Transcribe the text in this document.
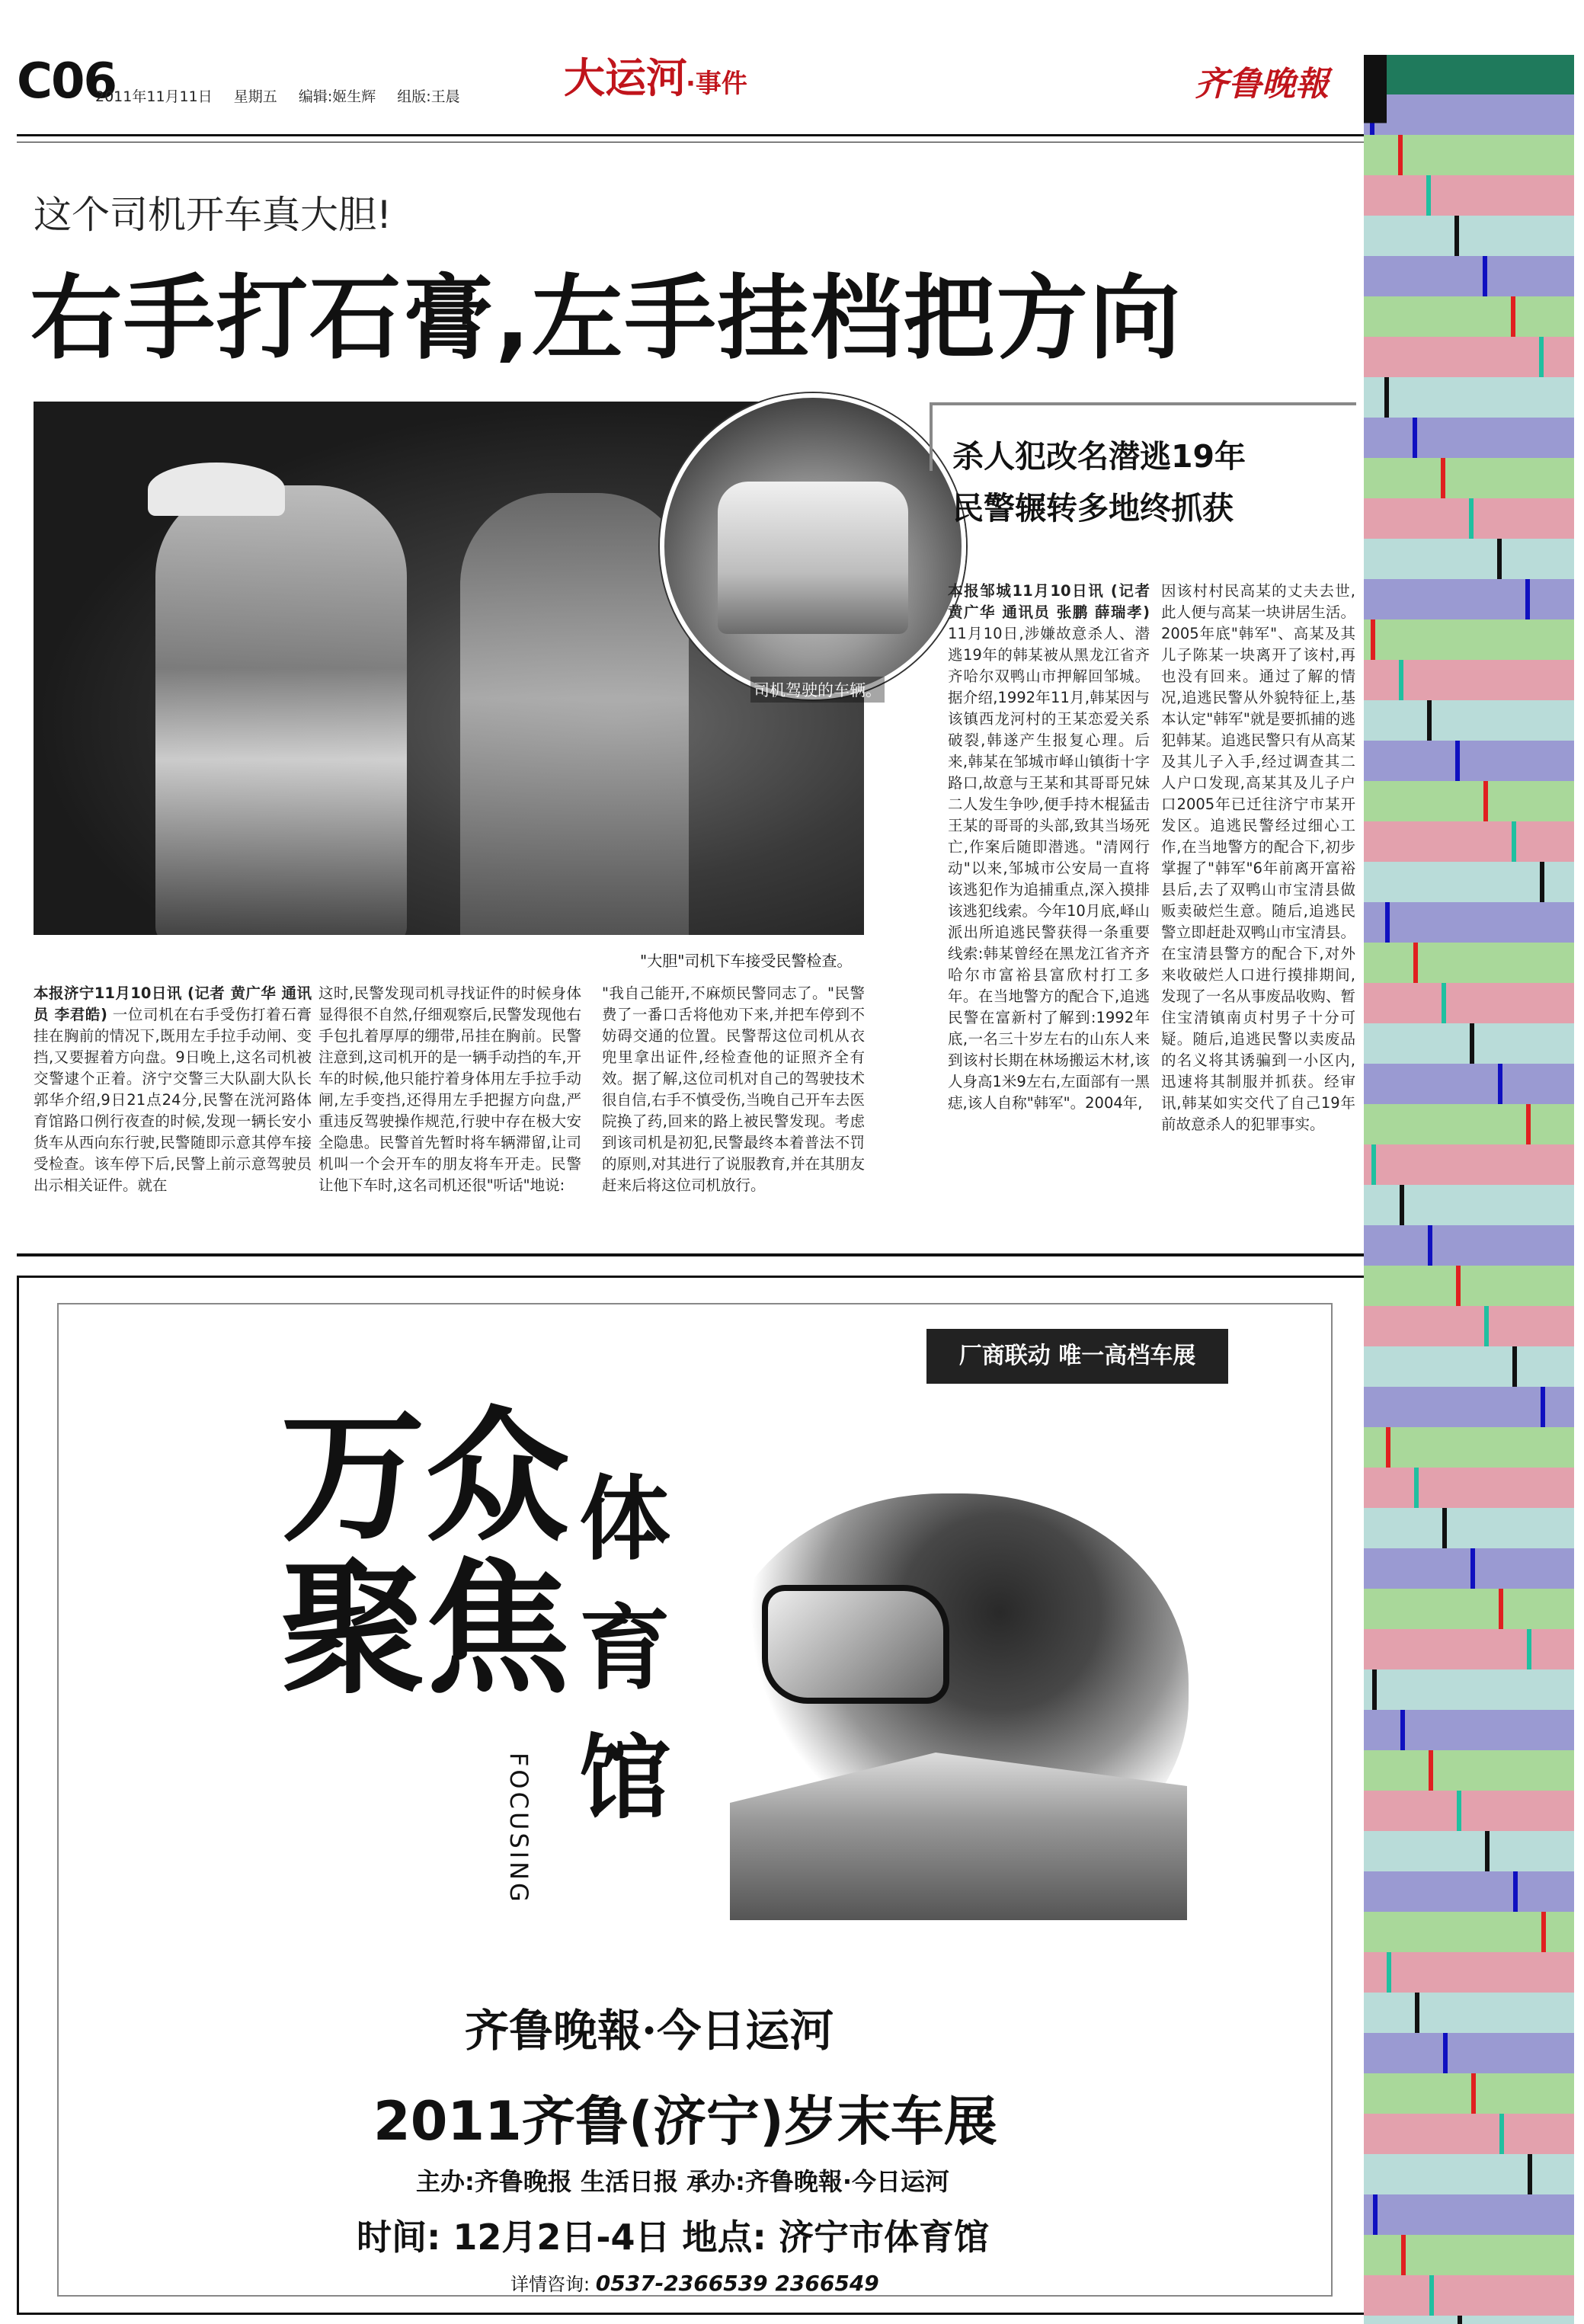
C06
2011年11月11日 星期五 编辑:姬生辉 组版:王晨	大运河
·事件	齐鲁晚報
这个司机开车真大胆!
右手打石膏,左手挂档把方向
司机驾驶的车辆。
"大胆"司机下车接受民警检查。
本报济宁11月10日讯 (记者 黄广华 通讯员 李君皓) 一位司机在右手受伤打着石膏挂在胸前的情况下,既用左手拉手动闸、变挡,又要握着方向盘。9日晚上,这名司机被交警逮个正着。济宁交警三大队副大队长郭华介绍,9日21点24分,民警在洸河路体育馆路口例行夜查的时候,发现一辆长安小货车从西向东行驶,民警随即示意其停车接受检查。该车停下后,民警上前示意驾驶员出示相关证件。就在
这时,民警发现司机寻找证件的时候身体显得很不自然,仔细观察后,民警发现他右手包扎着厚厚的绷带,吊挂在胸前。民警注意到,这司机开的是一辆手动挡的车,开车的时候,他只能拧着身体用左手拉手动闸,左手变挡,还得用左手把握方向盘,严重违反驾驶操作规范,行驶中存在极大安全隐患。民警首先暂时将车辆滞留,让司机叫一个会开车的朋友将车开走。民警让他下车时,这名司机还很"听话"地说:
"我自己能开,不麻烦民警同志了。"民警费了一番口舌将他劝下来,并把车停到不妨碍交通的位置。民警帮这位司机从衣兜里拿出证件,经检查他的证照齐全有效。据了解,这位司机对自己的驾驶技术很自信,右手不慎受伤,当晚自己开车去医院换了药,回来的路上被民警发现。考虑到该司机是初犯,民警最终本着普法不罚的原则,对其进行了说服教育,并在其朋友赶来后将这位司机放行。
杀人犯改名潜逃19年
民警辗转多地终抓获
本报邹城11月10日讯 (记者 黄广华 通讯员 张鹏 薛瑞孝) 11月10日,涉嫌故意杀人、潜逃19年的韩某被从黑龙江省齐齐哈尔双鸭山市押解回邹城。据介绍,1992年11月,韩某因与该镇西龙河村的王某恋爱关系破裂,韩遂产生报复心理。后来,韩某在邹城市峄山镇街十字路口,故意与王某和其哥哥兄妹二人发生争吵,便手持木棍猛击王某的哥哥的头部,致其当场死亡,作案后随即潜逃。"清网行动"以来,邹城市公安局一直将该逃犯作为追捕重点,深入摸排该逃犯线索。今年10月底,峄山派出所追逃民警获得一条重要线索:韩某曾经在黑龙江省齐齐哈尔市富裕县富欣村打工多年。在当地警方的配合下,追逃民警在富新村了解到:1992年底,一名三十岁左右的山东人来到该村长期在林场搬运木材,该人身高1米9左右,左面部有一黑痣,该人自称"韩军"。2004年,
因该村村民高某的丈夫去世,此人便与高某一块讲居生活。2005年底"韩军"、高某及其儿子陈某一块离开了该村,再也没有回来。通过了解的情况,追逃民警从外貌特征上,基本认定"韩军"就是要抓捕的逃犯韩某。追逃民警只有从高某及其儿子入手,经过调查其二人户口发现,高某其及儿子户口2005年已迁往济宁市某开发区。追逃民警经过细心工作,在当地警方的配合下,初步掌握了"韩军"6年前离开富裕县后,去了双鸭山市宝清县做贩卖破烂生意。随后,追逃民警立即赶赴双鸭山市宝清县。在宝清县警方的配合下,对外来收破烂人口进行摸排期间,发现了一名从事废品收购、暂住宝清镇南贞村男子十分可疑。随后,追逃民警以卖废品的名义将其诱骗到一小区内,迅速将其制服并抓获。经审讯,韩某如实交代了自己19年前故意杀人的犯罪事实。
厂商联动 唯一高档车展
万众
聚焦
FOCUSING
体育馆
齐鲁晚報·今日运河
2011齐鲁(济宁)岁末车展
主办:齐鲁晚报 生活日报 承办:齐鲁晚報·今日运河
时间: 12月2日-4日 地点: 济宁市体育馆
详情咨询: 0537-2366539 2366549
